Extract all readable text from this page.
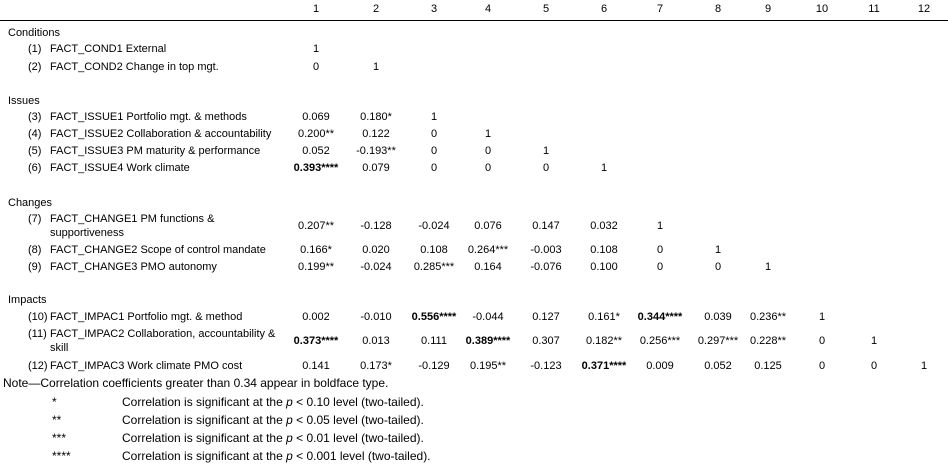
1	2	3	4	5	6	7	8	9	10	11	12
Conditions
(1) FACT_COND1 External	1
(2) FACT_COND2 Change in top mgt.	0	1
Issues
(3) FACT_ISSUE1 Portfolio mgt. & methods	0.069	0.180*	1
(4) FACT_ISSUE2 Collaboration & accountability	0.200**	0.122	0	1
(5) FACT_ISSUE3 PM maturity & performance	0.052	-0.193**	0	0	1
(6) FACT_ISSUE4 Work climate	0.393****	0.079	0	0	0	1
Changes
(7) FACT_CHANGE1 PM functions &
supportiveness
0.207**	-0.128	-0.024	0.076	0.147	0.032	1
(8) FACT_CHANGE2 Scope of control mandate	0.166*	0.020	0.108	0.264***	-0.003	0.108	0	1
(9) FACT_CHANGE3 PMO autonomy	0.199**	-0.024	0.285***	0.164	-0.076	0.100	0	0	1
Impacts
(10) FACT_IMPAC1 Portfolio mgt. & method	0.002	-0.010	0.556****	-0.044	0.127	0.161*	0.344****	0.039	0.236**	1
(11) FACT_IMPAC2 Collaboration, accountability &
skill
0.373****	0.013	0.111	0.389****	0.307	0.182**	0.256***	0.297***	0.228**	0	1
(12) FACT_IMPAC3 Work climate PMO cost	0.141	0.173*	-0.129	0.195**	-0.123	0.371****	0.009	0.052	0.125	0	0	1
Note—Correlation coefficients greater than 0.34 appear in boldface type.
*	Correlation is significant at the p < 0.10 level (two-tailed).
**	Correlation is significant at the p < 0.05 level (two-tailed).
***	Correlation is significant at the p < 0.01 level (two-tailed).
****	Correlation is significant at the p < 0.001 level (two-tailed).
